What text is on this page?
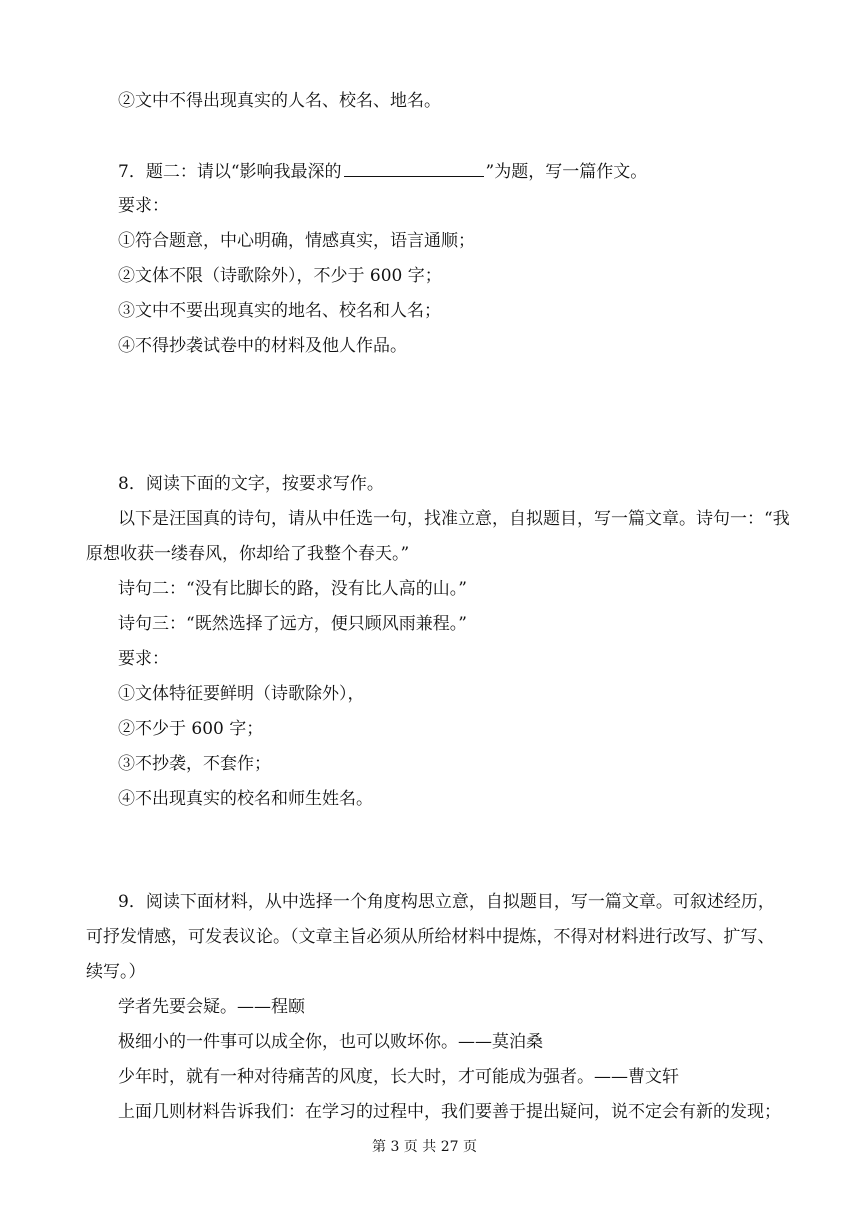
②文中不得出现真实的人名、校名、地名。
7．题二：请以“影响我最深的	”为题，写一篇作文。
要求：
①符合题意，中心明确，情感真实，语言通顺；
②文体不限（诗歌除外），不少于 600 字；
③文中不要出现真实的地名、校名和人名；
④不得抄袭试卷中的材料及他人作品。
8．阅读下面的文字，按要求写作。
以下是汪国真的诗句，请从中任选一句，找准立意，自拟题目，写一篇文章。诗句一：“我
原想收获一缕春风，你却给了我整个春天。”
诗句二：“没有比脚长的路，没有比人高的山。”
诗句三：“既然选择了远方，便只顾风雨兼程。”
要求：
①文体特征要鲜明（诗歌除外），
②不少于 600 字；
③不抄袭，不套作；
④不出现真实的校名和师生姓名。
9．阅读下面材料，从中选择一个角度构思立意，自拟题目，写一篇文章。可叙述经历，
可抒发情感，可发表议论。（文章主旨必须从所给材料中提炼，不得对材料进行改写、扩写、
续写。）
学者先要会疑。——程颐
极细小的一件事可以成全你，也可以败坏你。——莫泊桑
少年时，就有一种对待痛苦的风度，长大时，才可能成为强者。——曹文轩
上面几则材料告诉我们：在学习的过程中，我们要善于提出疑问，说不定会有新的发现；
第 3 页 共 27 页
